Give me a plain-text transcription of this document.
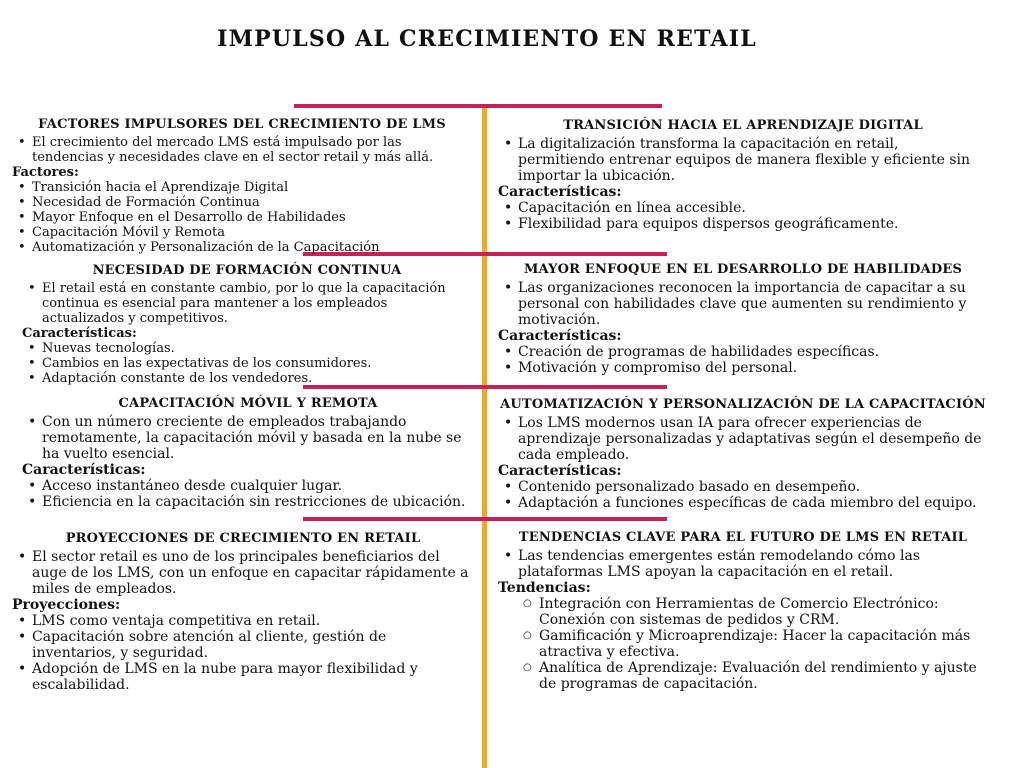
IMPULSO AL CRECIMIENTO EN RETAIL
FACTORES IMPULSORES DEL CRECIMIENTO DE LMS
• El crecimiento del mercado LMS está impulsado por las tendencias y necesidades clave en el sector retail y más allá.
Factores:
• Transición hacia el Aprendizaje Digital
• Necesidad de Formación Continua
• Mayor Enfoque en el Desarrollo de Habilidades
• Capacitación Móvil y Remota
• Automatización y Personalización de la Capacitación
NECESIDAD DE FORMACIÓN CONTINUA
• El retail está en constante cambio, por lo que la capacitación continua es esencial para mantener a los empleados actualizados y competitivos.
Características:
• Nuevas tecnologías.
• Cambios en las expectativas de los consumidores.
• Adaptación constante de los vendedores.
CAPACITACIÓN MÓVIL Y REMOTA
• Con un número creciente de empleados trabajando remotamente, la capacitación móvil y basada en la nube se ha vuelto esencial.
Características:
• Acceso instantáneo desde cualquier lugar.
• Eficiencia en la capacitación sin restricciones de ubicación.
PROYECCIONES DE CRECIMIENTO EN RETAIL
• El sector retail es uno de los principales beneficiarios del auge de los LMS, con un enfoque en capacitar rápidamente a miles de empleados.
Proyecciones:
• LMS como ventaja competitiva en retail.
• Capacitación sobre atención al cliente, gestión de inventarios, y seguridad.
• Adopción de LMS en la nube para mayor flexibilidad y escalabilidad.
TRANSICIÓN HACIA EL APRENDIZAJE DIGITAL
• La digitalización transforma la capacitación en retail, permitiendo entrenar equipos de manera flexible y eficiente sin importar la ubicación.
Características:
• Capacitación en línea accesible.
• Flexibilidad para equipos dispersos geográficamente.
MAYOR ENFOQUE EN EL DESARROLLO DE HABILIDADES
• Las organizaciones reconocen la importancia de capacitar a su personal con habilidades clave que aumenten su rendimiento y motivación.
Características:
• Creación de programas de habilidades específicas.
• Motivación y compromiso del personal.
AUTOMATIZACIÓN Y PERSONALIZACIÓN DE LA CAPACITACIÓN
• Los LMS modernos usan IA para ofrecer experiencias de aprendizaje personalizadas y adaptativas según el desempeño de cada empleado.
Características:
• Contenido personalizado basado en desempeño.
• Adaptación a funciones específicas de cada miembro del equipo.
TENDENCIAS CLAVE PARA EL FUTURO DE LMS EN RETAIL
• Las tendencias emergentes están remodelando cómo las plataformas LMS apoyan la capacitación en el retail.
Tendencias:
○ Integración con Herramientas de Comercio Electrónico: Conexión con sistemas de pedidos y CRM.
○ Gamificación y Microaprendizaje: Hacer la capacitación más atractiva y efectiva.
○ Analítica de Aprendizaje: Evaluación del rendimiento y ajuste de programas de capacitación.
